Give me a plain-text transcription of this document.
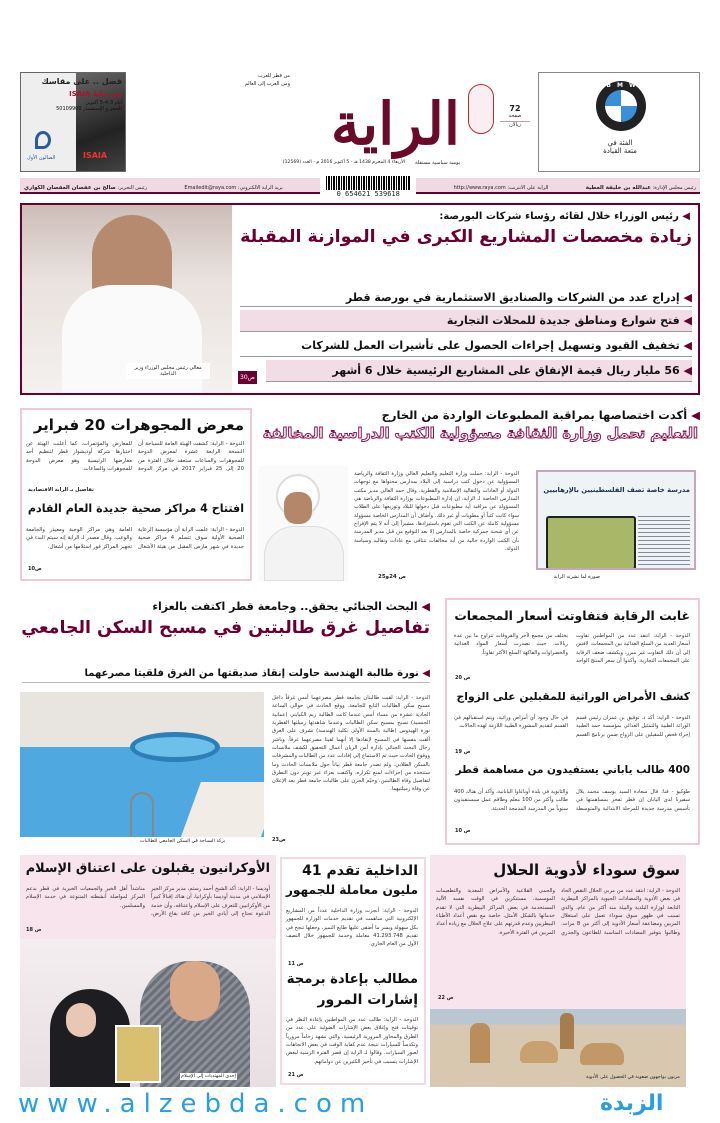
فصل .. على مقاسك
مع خياط ISAIA
أيام 3-4-5 أكتوبر
للحجز و الإستفسار 50109900
ISAIA
الصالون الأول	الراية
من قطر للعرب
ومن العرب إلى العالم
يومية سياسية مستقلة
الأربعاء 4 المحرم 1438 هـ - 5 أكتوبر 2016 م - العدد (12569)
72
صفحة
ريالان
BMW
الفئة في
متعة القيادة
رئيس مجلس الإدارة: عبدالله بن خليفة العطية
الراية على الانترنت: http://www.raya.com
0 654621 539618
بريد الراية الالكتروني: Emailedit@raya.com
رئيس التحرير: صالح بن عفصان العفصان الكواري
معالي رئيس مجلس الوزراء وزير الداخلية
◀ رئيس الوزراء خلال لقائه رؤساء شركات البورصة:
زيادة مخصصات المشاريع الكبرى في الموازنة المقبلة
◀ إدراج عدد من الشركات والصناديق الاستثمارية في بورصة قطر
◀ فتح شوارع ومناطق جديدة للمحلات التجارية
◀ تخفيف القيود وتسهيل إجراءات الحصول على تأشيرات العمل للشركات
◀ 56 مليار ريال قيمة الإنفاق على المشاريع الرئيسية خلال 6 أشهر
ص30
معرض المجوهرات 20 فبراير
الدوحة - الراية: كشفت الهيئة العامة للسياحة أن النسخة الرابعة عشرة لمعرض الدوحة للمجوهرات والساعات ستعقد خلال الفترة من 20 إلى 25 فبراير 2017 في مركز الدوحة للمعارض والمؤتمرات. كما أعلنت الهيئة عن اختيارها شركة أوديشوار قطر لتنظيم أحد معارضها الرئيسية وهو معرض الدوحة للمجوهرات والساعات.
تفاصيل بـ الراية الاقتصادية
افتتاح 4 مراكز صحية جديدة العام القادم
الدوحة - الراية: علمت الراية أن مؤسسة الرعاية الصحية الأولية سوف تتسلم 4 مراكز صحية جديدة في شهر مارس المقبل من هيئة الأشغال العامة وهي مراكز الوجبة ومعيذر والجامعة والوعب. وقال مصدر لـ الراية إنه سيتم البدء في تجهيز المراكز فور استلامها من أشغال.
ص10
◀ أكدت اختصاصها بمراقبة المطبوعات الواردة من الخارج
التعليم تحمل وزارة الثقافة مسؤولية الكتب الدراسية المخالفة
الدوحة - الراية: حملت وزارة التعليم والتعليم العالي وزارة الثقافة والرياضة المسؤولية عن دخول كتب دراسية إلى البلاد بمدارس محتواها مع توجهات الدولة أو العادات والتقاليد الإسلامية والقطرية. وقال حمد الغالي مدير مكتب المدارس الخاصة لـ الراية، إن إدارة المطبوعات بوزارة الثقافة والرياضة هي المسؤولة عن مراقبة أية مطبوعات قبل دخولها للبلاد وتوزيعها على الطلاب سواء كانت كتباً أو مطويات أو غير ذلك. وأضاف أن المدارس الخاصة مسؤولة مسؤولية كاملة عن الكتب التي تقوم باستيرادها، مشيراً إلى أنه لا يتم الإفراج عن أي شحنة جمركية خاصة بالمدارس إلا بعد التوقيع من قبل مدير المدرسة بأن الكتب الواردة خالية من أية مخالفات تتنافى مع عادات وتقاليد وسياسة الدولة.
ص 24و25
مدرسة خاصة تصف الفلسطينيين بالإرهابيين
صورة لما نشرته الراية
◀ البحث الجنائي يحقق.. وجامعة قطر اكتفت بالعزاء
تفاصيل غرق طالبتين في مسبح السكن الجامعي
◀ نورة طالبة الهندسة حاولت إنقاذ صديقتها من الغرق فلقيتا مصرعهما
بركة السباحة في السكن الجامعي للطالبات
الدوحة - الراية: لقيت طالبتان بجامعة قطر مصرعهما أمس غرقاً داخل مسبح سكن الطالبات التابع للجامعة. ووقع الحادث في حوالي الساعة الحادية عشرة من مساء أمس عندما كانت الطالبة ريم الكبابتي (عمانية الجنسية) تسبح بمسبح سكن الطالبات وعندما شاهدتها زميلتها القطرية نورة الهيدوس (طالبة بالسنة الأولى بكلية الهندسة) تشرف على الغرق ألقت بنفسها في المسبح لإنقاذها إلا أنهما لقيتا مصرعهما غرقاً. وباشر رجال البحث الجنائي بإدارة أمن الريان أعمال التحقيق لكشف ملابسات ووقوع الحادث حيث تم الاستماع إلى إفادات عدد من الطالبات والمشرفات بالسكن الطلابي. ولم تصدر جامعة قطر بياناً حول ملابسات الحادث وما ستتخذه من إجراءات لمنع تكراره، واكتفت بعزاء عبر تويتر دون التطرق لتفاصيل وفاة الطالبتين. وخيّم الحزن على طالبات جامعة قطر بعد الإعلان عن وفاة زميلتيهما.
ص23
غابت الرقابة فتفاوتت أسعار المجمعات
الدوحة - الراية: انتقد عدد من المواطنين تفاوت أسعار العديد من السلع الغذائية بين المجمعات، لافتين إلى أن ذلك التفاوت غير مبرر، ويكشف ضعف الرقابة على المجمعات التجارية. وأكدوا أن سعر المنتج الواحد يختلف من مجمع لآخر والفروقات تتراوح ما بين عدة ريالات، حيث تصدرت أسعار المواد الغذائية والخضراوات والفاكهة السلع الأكثر تفاوتاً.
ص 20
كشف الأمراض الوراثية للمقبلين على الزواج
الدوحة - الراية: أكد د. توفيق بن عمران رئيس قسم الوراثة الطبية والتمثيل الغذائي بمؤسسة حمد الطبية إجراء فحص للمقبلين على الزواج ضمن برنامج القسم في حال وجود أي أمراض وراثية، ويتم استقبالهم في القسم لتقديم المشورة الطبية اللازمة لهذه الحالات.
ص 19
400 طالب ياباني يستفيدون من مساهمة قطر
طوكيو - قنا: قال سعادة السيد يوسف محمد بلال سفيرنا لدى اليابان إن قطر تفخر بمساهمتها في تأسيس مدرسة جديدة للمرحلة الابتدائية والمتوسطة والثانوية في بلدة أوناغاوا اليابانية، وأكد أن هناك 400 طالب وأكثر من 100 معلم وطاقم عمل سيستفيدون سنوياً من المدرسة المدمجة الحديثة.
ص 10
الأوكرانيون يقبلون على اعتناق الإسلام
أوديسا - الراية: أكد الشيخ أحمد رستم، مدير مركز الخير الإسلامي في مدينة أوديسا بأوكرانيا، أن هناك إقبالاً كبيراً من الأوكرانيين للتعرف على الإسلام واعتناقه، وأن خدمة الدعوة تحتاج إلى أيادي الخير من كافة بقاع الأرض، مناشداً أهل الخير والجمعيات الخيرية في قطر بدعم المركز لمواصلة أنشطته المتنوعة في خدمة الإسلام والمسلمين.
ص 18
إحدى المهتديات إلى الإسلام
الداخلية تقدم 41
مليون معاملة للجمهور
الدوحة - الراية: أنجزت وزارة الداخلية عدداً من المشاريع الإلكترونية التي ساهمت في تقديم خدمات الوزارة للجمهور بكل سهولة ويسر ما أضفى عليها طابع التميز، وجعلها تنجح في تقديم 41.293.748 معاملة وخدمة للجمهور خلال النصف الأول من العام الجاري.
ص 11
مطالب بإعادة برمجة
إشارات المرور
الدوحة - الراية: طالب عدد من المواطنين بإعادة النظر في توقيتات فتح وإغلاق بعض الإشارات الضوئية على عدد من الطرق والمحاور المرورية الرئيسية، والتي تشهد زحاماً مرورياً وتكدساً للسيارات نتيجة عدم كفاية الوقت في بعض الاتجاهات لعبور السيارات. وقالوا لـ الراية إن قصر الفترة الزمنية لبعض الإشارات يتسبب في تأخير الكثيرين عن دواماتهم.
ص 21
سوق سوداء لأدوية الحلال
الدوحة - الراية: انتقد عدد من مربي الحلال النقص الحاد في بعض الأدوية والمضادات الحيوية بالمراكز البيطرية التابعة لوزارة البلدية والبيئة منذ أكثر من عام، والذي تسبب في ظهور سوق سوداء تعمل على استغلال المربين ومضاعفة أسعار الأدوية إلى أكثر من 8 مرات. وطالبوا بتوفير المضادات المناسبة للطاعون والجدري والحمى القلاعية والأمراض المعدية والتطعيمات الموسمية، مستنكرين في الوقت نفسه الآلية المستخدمة في بعض المراكز البيطرية التي لا تقدم خدماتها بالشكل الأمثل، خاصة مع نقص أعداد الأطباء البيطريين وعدم قدرتهم على علاج الحلال مع زيادة أعداد المربين في الفترة الأخيرة.
ص 22
مربون يواجهون صعوبة في الحصول على الأدوية
www.alzebda.com	الزبدة
